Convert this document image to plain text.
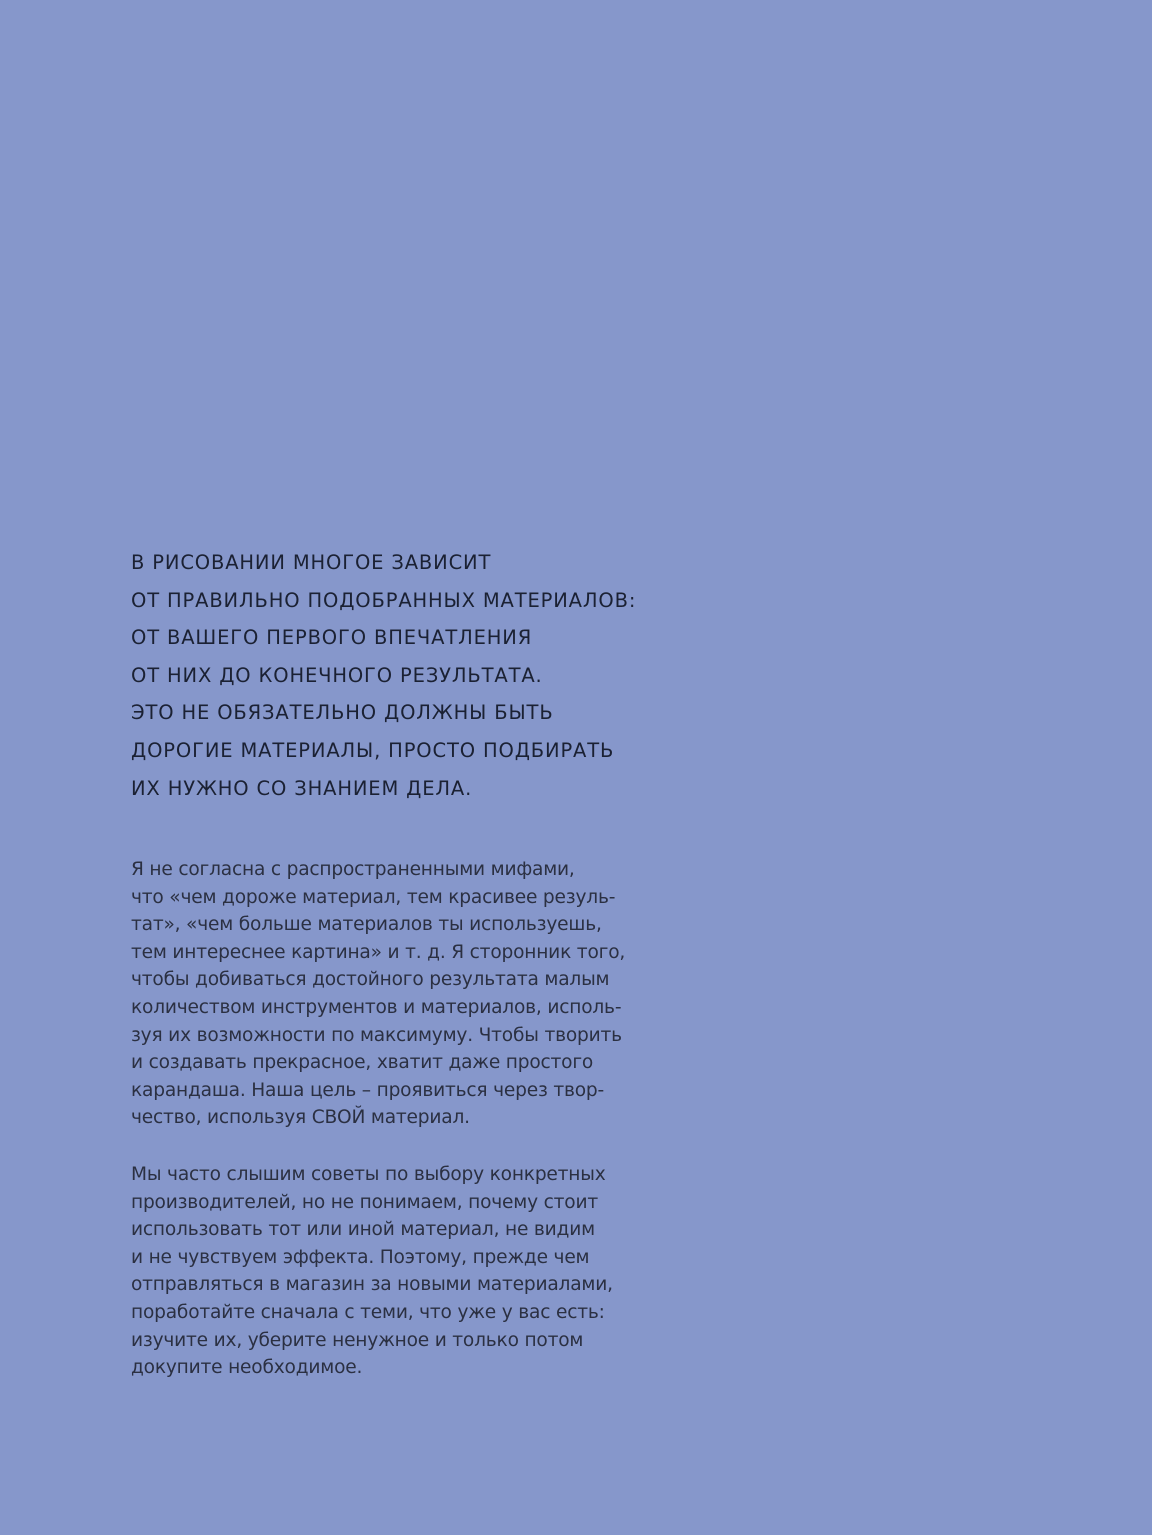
В РИСОВАНИИ МНОГОЕ ЗАВИСИТ
ОТ ПРАВИЛЬНО ПОДОБРАННЫХ МАТЕРИАЛОВ:
ОТ ВАШЕГО ПЕРВОГО ВПЕЧАТЛЕНИЯ
ОТ НИХ ДО КОНЕЧНОГО РЕЗУЛЬТАТА.
ЭТО НЕ ОБЯЗАТЕЛЬНО ДОЛЖНЫ БЫТЬ
ДОРОГИЕ МАТЕРИАЛЫ, ПРОСТО ПОДБИРАТЬ
ИХ НУЖНО СО ЗНАНИЕМ ДЕЛА.
Я не согласна с распространенными мифами,
что «чем дороже материал, тем красивее резуль-
тат», «чем больше материалов ты используешь,
тем интереснее картина» и т. д. Я сторонник того,
чтобы добиваться достойного результата малым
количеством инструментов и материалов, исполь-
зуя их возможности по максимуму. Чтобы творить
и создавать прекрасное, хватит даже простого
карандаша. Наша цель – проявиться через твор-
чество, используя СВОЙ материал.
Мы часто слышим советы по выбору конкретных
производителей, но не понимаем, почему стоит
использовать тот или иной материал, не видим
и не чувствуем эффекта. Поэтому, прежде чем
отправляться в магазин за новыми материалами,
поработайте сначала с теми, что уже у вас есть:
изучите их, уберите ненужное и только потом
докупите необходимое.
